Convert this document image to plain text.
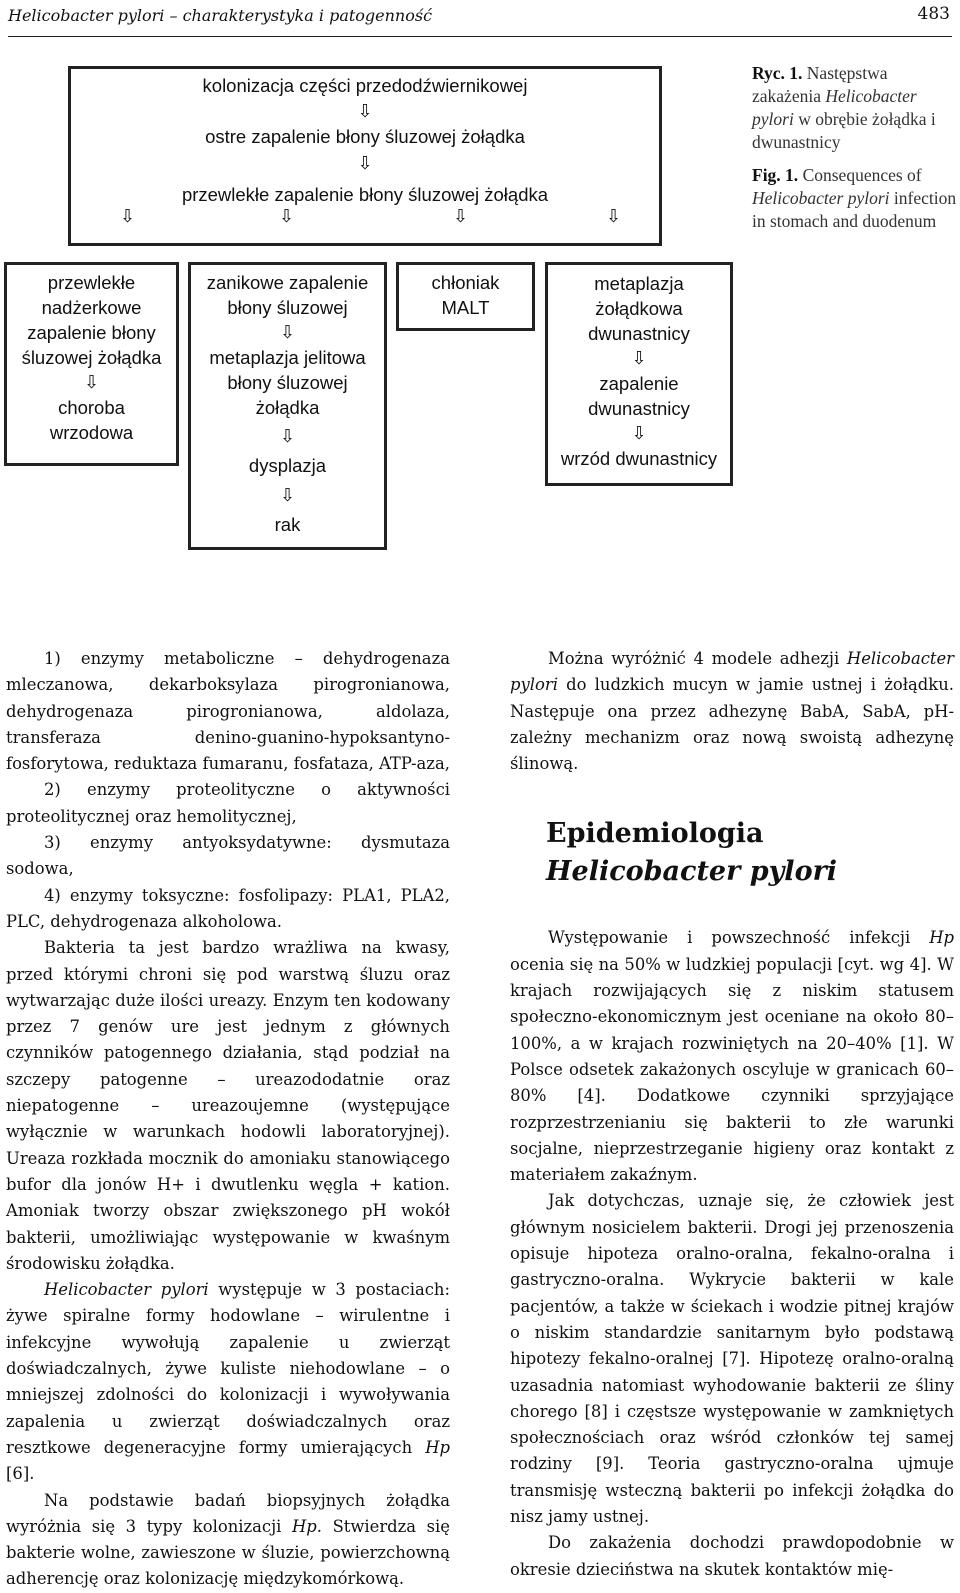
Helicobacter pylori – charakterystyka i patogenność	483
kolonizacja części przedodźwiernikowej
⇩
ostre zapalenie błony śluzowej żołądka
⇩
przewlekłe zapalenie błony śluzowej żołądka
⇩	⇩	⇩	⇩
przewlekłe
nadżerkowe
zapalenie błony
śluzowej żołądka
⇩
choroba
wrzodowa
zanikowe zapalenie
błony śluzowej
⇩
metaplazja jelitowa
błony śluzowej
żołądka
⇩
dysplazja
⇩
rak
chłoniak
MALT
metaplazja
żołądkowa
dwunastnicy
⇩
zapalenie
dwunastnicy
⇩
wrzód dwunastnicy

Ryc. 1. Następstwa zakażenia Helicobacter pylori w obrębie żołądka i dwunastnicy

Fig. 1. Consequences of Helicobacter pylori infection in stomach and duodenum

1) enzymy metaboliczne – dehydrogenaza mleczanowa, dekarboksylaza pirogronianowa, dehydrogenaza pirogronianowa, aldolaza, transferaza denino-guanino-hypoksantyno-fosforytowa, reduktaza fumaranu, fosfataza, ATP-aza,

2) enzymy proteolityczne o aktywności proteolitycznej oraz hemolitycznej,

3) enzymy antyoksydatywne: dysmutaza sodowa,

4) enzymy toksyczne: fosfolipazy: PLA1, PLA2, PLC, dehydrogenaza alkoholowa.

Bakteria ta jest bardzo wrażliwa na kwasy, przed którymi chroni się pod warstwą śluzu oraz wytwarzając duże ilości ureazy. Enzym ten kodowany przez 7 genów ure jest jednym z głównych czynników patogennego działania, stąd podział na szczepy patogenne – ureazododatnie oraz niepatogenne – ureazoujemne (występujące wyłącznie w warunkach hodowli laboratoryjnej). Ureaza rozkłada mocznik do amoniaku stanowiącego bufor dla jonów H+ i dwutlenku węgla + kation. Amoniak tworzy obszar zwiększonego pH wokół bakterii, umożliwiając występowanie w kwaśnym środowisku żołądka.

Helicobacter pylori występuje w 3 postaciach: żywe spiralne formy hodowlane – wirulentne i infekcyjne wywołują zapalenie u zwierząt doświadczalnych, żywe kuliste niehodowlane – o mniejszej zdolności do kolonizacji i wywoływania zapalenia u zwierząt doświadczalnych oraz resztkowe degeneracyjne formy umierających Hp [6].

Na podstawie badań biopsyjnych żołądka wyróżnia się 3 typy kolonizacji Hp. Stwierdza się bakterie wolne, zawieszone w śluzie, powierzchowną adherencję oraz kolonizację międzykomórkową.

Można wyróżnić 4 modele adhezji Helicobacter pylori do ludzkich mucyn w jamie ustnej i żołądku. Następuje ona przez adhezynę BabA, SabA, pH-zależny mechanizm oraz nową swoistą adhezynę ślinową.

Epidemiologia
Helicobacter pylori

Występowanie i powszechność infekcji Hp ocenia się na 50% w ludzkiej populacji [cyt. wg 4]. W krajach rozwijających się z niskim statusem społeczno-ekonomicznym jest oceniane na około 80–100%, a w krajach rozwiniętych na 20–40% [1]. W Polsce odsetek zakażonych oscyluje w granicach 60–80% [4]. Dodatkowe czynniki sprzyjające rozprzestrzenianiu się bakterii to złe warunki socjalne, nieprzestrzeganie higieny oraz kontakt z materiałem zakaźnym.

Jak dotychczas, uznaje się, że człowiek jest głównym nosicielem bakterii. Drogi jej przenoszenia opisuje hipoteza oralno-oralna, fekalno-oralna i gastryczno-oralna. Wykrycie bakterii w kale pacjentów, a także w ściekach i wodzie pitnej krajów o niskim standardzie sanitarnym było podstawą hipotezy fekalno-oralnej [7]. Hipotezę oralno-oralną uzasadnia natomiast wyhodowanie bakterii ze śliny chorego [8] i częstsze występowanie w zamkniętych społecznościach oraz wśród członków tej samej rodziny [9]. Teoria gastryczno-oralna ujmuje transmisję wsteczną bakterii po infekcji żołądka do nisz jamy ustnej.

Do zakażenia dochodzi prawdopodobnie w okresie dzieciństwa na skutek kontaktów mię-
